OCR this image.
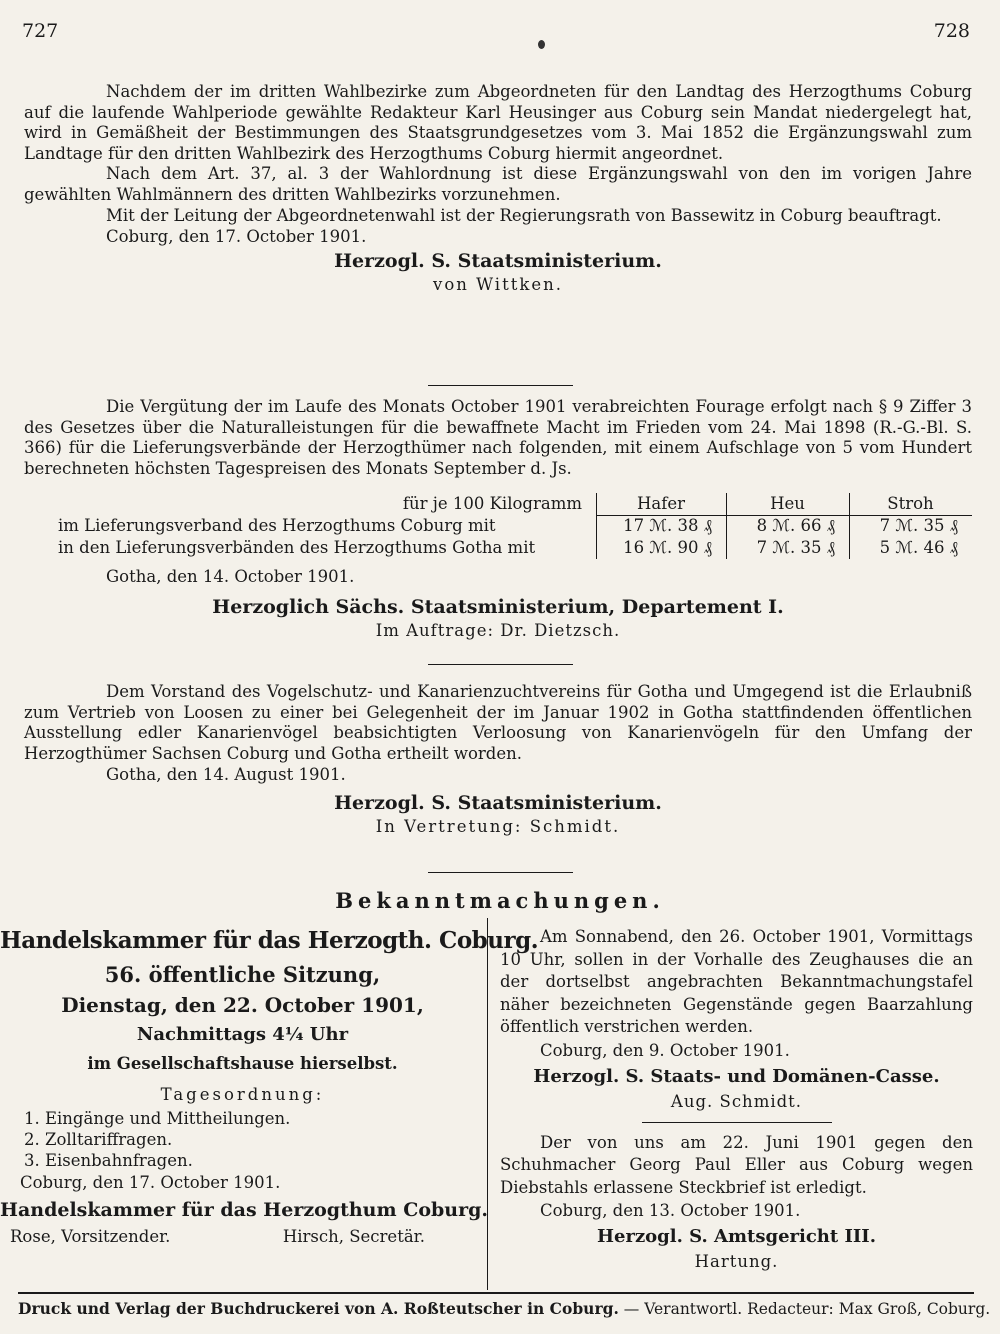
727	728

Nachdem der im dritten Wahlbezirke zum Abgeordneten für den Landtag des Herzogthums Coburg auf die laufende Wahlperiode gewählte Redakteur Karl Heusinger aus Coburg sein Mandat niedergelegt hat, wird in Gemäßheit der Bestimmungen des Staatsgrundgesetzes vom 3. Mai 1852 die Ergänzungswahl zum Landtage für den dritten Wahlbezirk des Herzogthums Coburg hiermit angeordnet.

Nach dem Art. 37, al. 3 der Wahlordnung ist diese Ergänzungswahl von den im vorigen Jahre gewählten Wahlmännern des dritten Wahlbezirks vorzunehmen.

Mit der Leitung der Abgeordnetenwahl ist der Regierungsrath von Bassewitz in Coburg beauftragt.

Coburg, den 17. October 1901.

Herzogl. S. Staatsministerium.

von Wittken.

Die Vergütung der im Laufe des Monats October 1901 verabreichten Fourage erfolgt nach § 9 Ziffer 3 des Gesetzes über die Naturalleistungen für die bewaffnete Macht im Frieden vom 24. Mai 1898 (R.-G.-Bl. S. 366) für die Lieferungsverbände der Herzogthümer nach folgenden, mit einem Aufschlage von 5 vom Hundert berechneten höchsten Tagespreisen des Monats September d. Js.

für je 100 Kilogramm	Hafer	Heu	Stroh
im Lieferungsverband des Herzogthums Coburg mit	17 ℳ. 38 ₰	8 ℳ. 66 ₰	7 ℳ. 35 ₰
in den Lieferungsverbänden des Herzogthums Gotha mit	16 ℳ. 90 ₰	7 ℳ. 35 ₰	5 ℳ. 46 ₰

Gotha, den 14. October 1901.

Herzoglich Sächs. Staatsministerium, Departement I.

Im Auftrage: Dr. Dietzsch.

Dem Vorstand des Vogelschutz- und Kanarienzuchtvereins für Gotha und Umgegend ist die Erlaubniß zum Vertrieb von Loosen zu einer bei Gelegenheit der im Januar 1902 in Gotha stattfindenden öffentlichen Ausstellung edler Kanarienvögel beabsichtigten Verloosung von Kanarienvögeln für den Umfang der Herzogthümer Sachsen Coburg und Gotha ertheilt worden.

Gotha, den 14. August 1901.

Herzogl. S. Staatsministerium.

In Vertretung: Schmidt.

Bekanntmachungen.
Handelskammer für das Herzogth. Coburg.
56. öffentliche Sitzung,
Dienstag, den 22. October 1901,
Nachmittags 4¼ Uhr
im Gesellschaftshause hierselbst.
Tagesordnung:
1. Eingänge und Mittheilungen.
2. Zolltariffragen.
3. Eisenbahnfragen.
Coburg, den 17. October 1901.
Handelskammer für das Herzogthum Coburg.
Rose, Vorsitzender.	Hirsch, Secretär.

Am Sonnabend, den 26. October 1901, Vormittags 10 Uhr, sollen in der Vorhalle des Zeughauses die an der dortselbst angebrachten Bekanntmachungstafel näher bezeichneten Gegenstände gegen Baarzahlung öffentlich verstrichen werden.

Coburg, den 9. October 1901.
Herzogl. S. Staats- und Domänen-Casse.
Aug. Schmidt.

Der von uns am 22. Juni 1901 gegen den Schuhmacher Georg Paul Eller aus Coburg wegen Diebstahls erlassene Steckbrief ist erledigt.

Coburg, den 13. October 1901.
Herzogl. S. Amtsgericht III.
Hartung.
Druck und Verlag der Buchdruckerei von A. Roßteutscher in Coburg. — Verantwortl. Redacteur: Max Groß, Coburg.
